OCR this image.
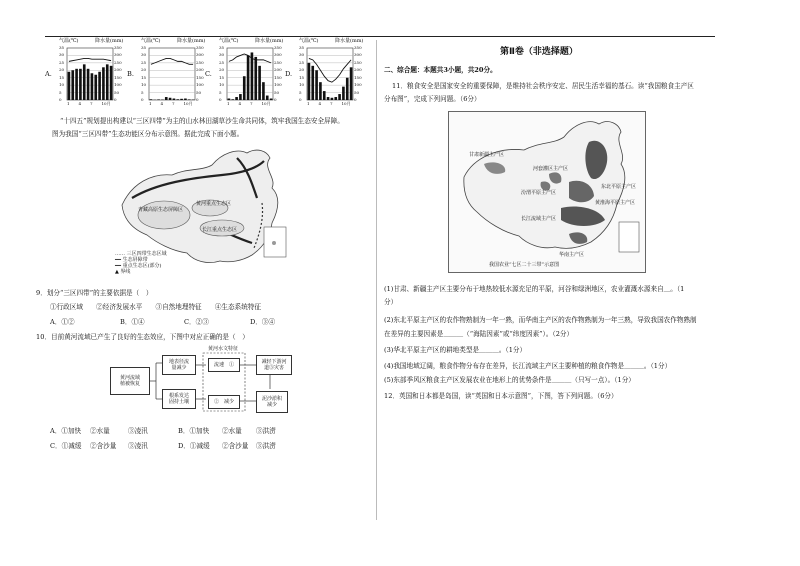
A.
气温(℃)	降水量(mm)
35
30
25
20
15
10
5
0
350
300
250
200
150
100
50
0
1 4 7 10月
B.
气温(℃)	降水量(mm)
35
30
25
20
15
10
5
0
350
300
250
200
150
100
50
0
1 4 7 10月
C.
气温(℃)	降水量(mm)
35
30
25
20
15
10
5
0
350
300
250
200
150
100
50
0
1 4 7 10月
D.
气温(℃)	降水量(mm)
35
30
25
20
15
10
5
0
350
300
250
200
150
100
50
0
1 4 7 10月
“十四五”规划提出构建以“三区四带”为主的山水林田湖草沙生命共同体，筑牢我国生态安全屏障。
图为我国“三区四带”生态功能区分布示意图。据此完成下面小题。
青藏高原生态屏障区
黄河重点生态区
长江重点生态区
…… 三区四带生态区域
━━ 生态屏障带
━━ 重点生态区(部分)
▲ 界线
9．划分“三区四带”的主要依据是（　）
①行政区域　　②经济发展水平　　③自然地理特征　　④生态系统特征
A．①②	B．①④	C．②③	D．③④
10．目前黄河流域已产生了良好的生态效应，下图中对应正确的是（　）
黄河流域
植被恢复
地表径流
量减少
根系发达
固持土壤
黄河水文特征
流速　①
②　减少
减轻下游河
道③灾害
泥沙淤积
减少
A．①加快 ②水量	③凌汛	B．①加快 ②水量 ③洪涝
C．①减缓 ②含沙量 ③凌汛	D．①减缓 ②含沙量 ③洪涝
第Ⅱ卷（非选择题）
二、综合题：本题共3小题，共20分。
11．粮食安全是国家安全的重要保障，是维持社会秩序安定、居民生活幸福的基石。读“我国粮食主产区
分布图”，完成下列问题。（6分）
甘肃新疆主产区
河套灌区主产区
汾渭平原主产区
东北平原主产区
黄淮海平原主产区
长江流域主产区
华南主产区
我国农业“七区二十三带”示意图
(1)甘肃、新疆主产区主要分布于地热较低水源充足的平原，河谷和绿洲地区，农业灌溉水源来自＿。（1
分）
(2)东北平原主产区的农作物熟制为一年一熟，而华南主产区的农作物熟制为一年三熟，导致我国农作物熟制
在差异的主要因素是＿＿＿（“海陆因素”或“纬度因素”）。（2分）
(3)华北平原主产区的耕地类型是＿＿＿。（1分）
(4)我国地域辽阔，粮食作物分布存在差异，长江流域主产区主要种植的粮食作物是＿＿＿。（1分）
(5)东部季风区粮食主产区发展农业在地形上的优势条件是＿＿＿（只写一点）。（1分）
12．英国和日本都是岛国，读“英国和日本示意图”，下图，答下列问题。（6分）
